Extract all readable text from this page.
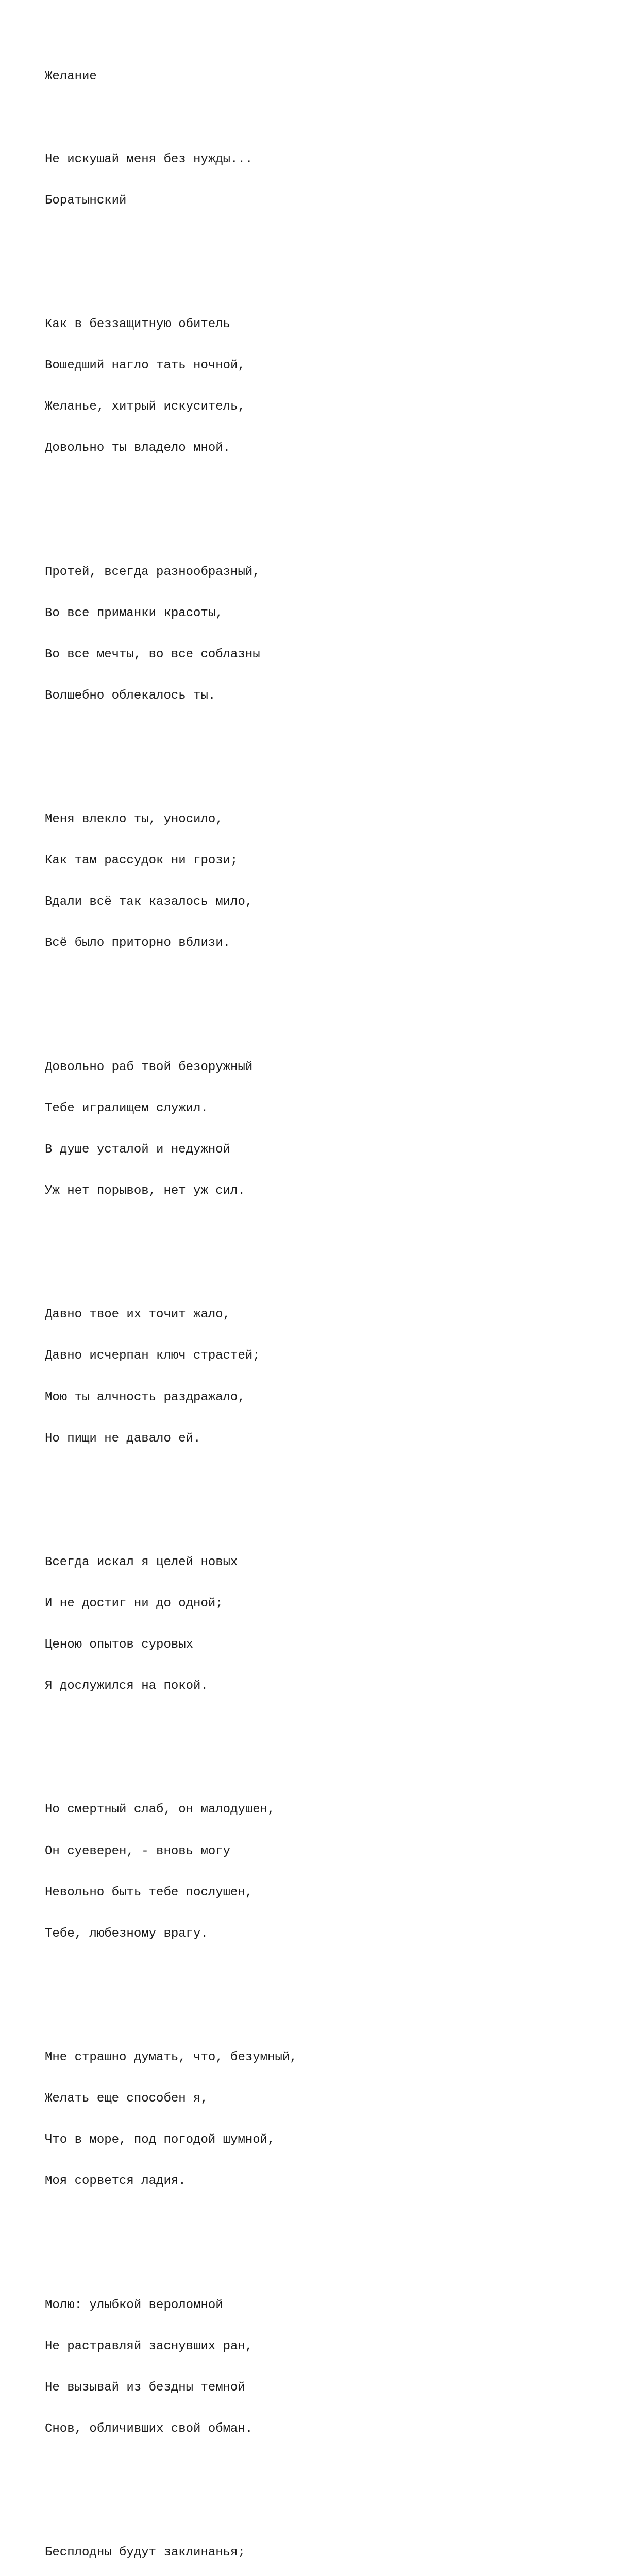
Желание

Не искушай меня без нужды...

Боратынский

Как в беззащитную обитель

Вошедший нагло тать ночной,

Желанье, хитрый искуситель,

Довольно ты владело мной.

Протей, всегда разнообразный,

Во все приманки красоты,

Во все мечты, во все соблазны

Волшебно облекалось ты.

Меня влекло ты, уносило,

Как там рассудок ни грози;

Вдали всё так казалось мило,

Всё было приторно вблизи.

Довольно раб твой безоружный

Тебе игралищем служил.

В душе усталой и недужной

Уж нет порывов, нет уж сил.

Давно твое их точит жало,

Давно исчерпан ключ страстей;

Мою ты алчность раздражало,

Но пищи не давало ей.

Всегда искал я целей новых

И не достиг ни до одной;

Ценою опытов суровых

Я дослужился на покой.

Но смертный слаб, он малодушен,

Он суеверен, - вновь могу

Невольно быть тебе послушен,

Тебе, любезному врагу.

Мне страшно думать, что, безумный,

Желать еще способен я,

Что в море, под погодой шумной,

Моя сорвется ладия.

Молю: улыбкой вероломной

Не растравляй заснувших ран,

Не вызывай из бездны темной

Снов, обличивших свой обман.

Бесплодны будут заклинанья;
